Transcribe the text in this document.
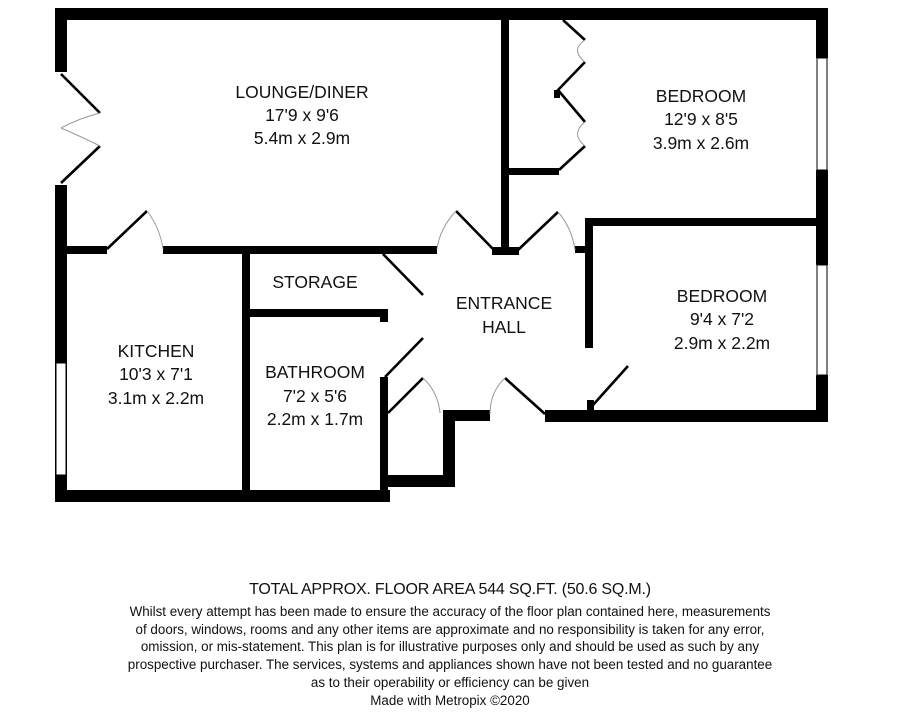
LOUNGE/DINER
17'9 x 9'6
5.4m x 2.9m
BEDROOM
12'9 x 8'5
3.9m x 2.6m
STORAGE
ENTRANCE
HALL
BEDROOM
9'4 x 7'2
2.9m x 2.2m
KITCHEN
10'3 x 7'1
3.1m x 2.2m
BATHROOM
7'2 x 5'6
2.2m x 1.7m
TOTAL APPROX. FLOOR AREA 544 SQ.FT. (50.6 SQ.M.)
Whilst every attempt has been made to ensure the accuracy of the floor plan contained here, measurements
of doors, windows, rooms and any other items are approximate and no responsibility is taken for any error,
omission, or mis-statement. This plan is for illustrative purposes only and should be used as such by any
prospective purchaser. The services, systems and appliances shown have not been tested and no guarantee
as to their operability or efficiency can be given
Made with Metropix ©2020
